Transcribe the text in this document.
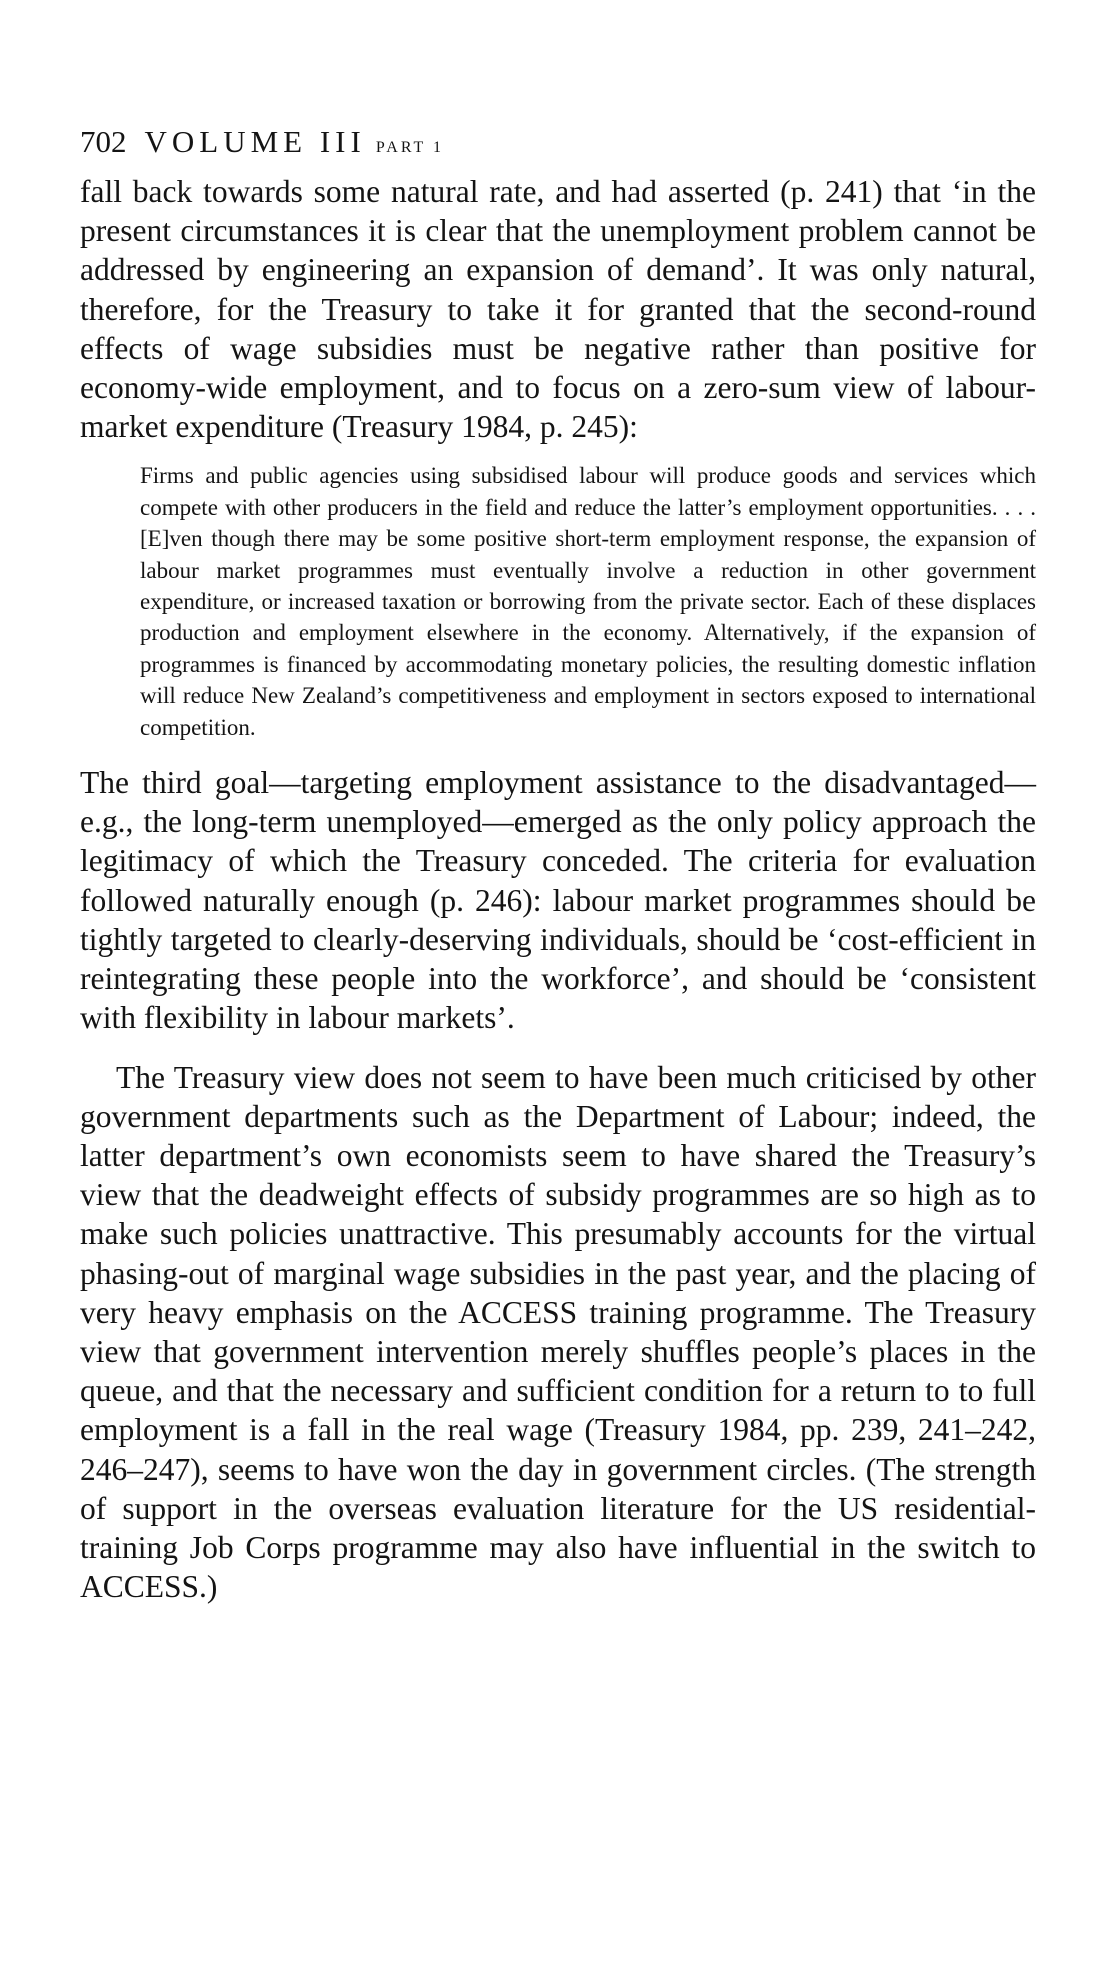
702 VOLUME III PART 1

fall back towards some natural rate, and had asserted (p. 241) that ‘in the present circumstances it is clear that the unemployment problem cannot be addressed by engineering an expansion of demand’. It was only natural, therefore, for the Treasury to take it for granted that the second-round effects of wage subsidies must be negative rather than positive for economy-wide employment, and to focus on a zero-sum view of labour-market expenditure (Treasury 1984, p. 245):

Firms and public agencies using subsidised labour will produce goods and services which compete with other producers in the field and reduce the latter’s employment opportunities. . . . [E]ven though there may be some positive short-term employment response, the expansion of labour market programmes must eventually involve a reduction in other government expenditure, or increased taxation or borrowing from the private sector. Each of these displaces production and employment elsewhere in the economy. Alternatively, if the expansion of programmes is financed by accommodating monetary policies, the resulting domestic inflation will reduce New Zealand’s competitiveness and employment in sectors exposed to international competition.

The third goal—targeting employment assistance to the disadvantaged—e.g., the long-term unemployed—emerged as the only policy approach the legitimacy of which the Treasury conceded. The criteria for evaluation followed naturally enough (p. 246): labour market programmes should be tightly targeted to clearly-deserving individuals, should be ‘cost-efficient in reintegrating these people into the workforce’, and should be ‘consistent with flexibility in labour markets’.

The Treasury view does not seem to have been much criticised by other government departments such as the Department of Labour; indeed, the latter department’s own economists seem to have shared the Treasury’s view that the deadweight effects of subsidy programmes are so high as to make such policies unattractive. This presumably accounts for the virtual phasing-out of marginal wage subsidies in the past year, and the placing of very heavy emphasis on the ACCESS training programme. The Treasury view that government intervention merely shuffles people’s places in the queue, and that the necessary and sufficient condition for a return to to full employment is a fall in the real wage (Treasury 1984, pp. 239, 241–242, 246–247), seems to have won the day in government circles. (The strength of support in the overseas evaluation literature for the US residential-training Job Corps programme may also have influential in the switch to ACCESS.)
